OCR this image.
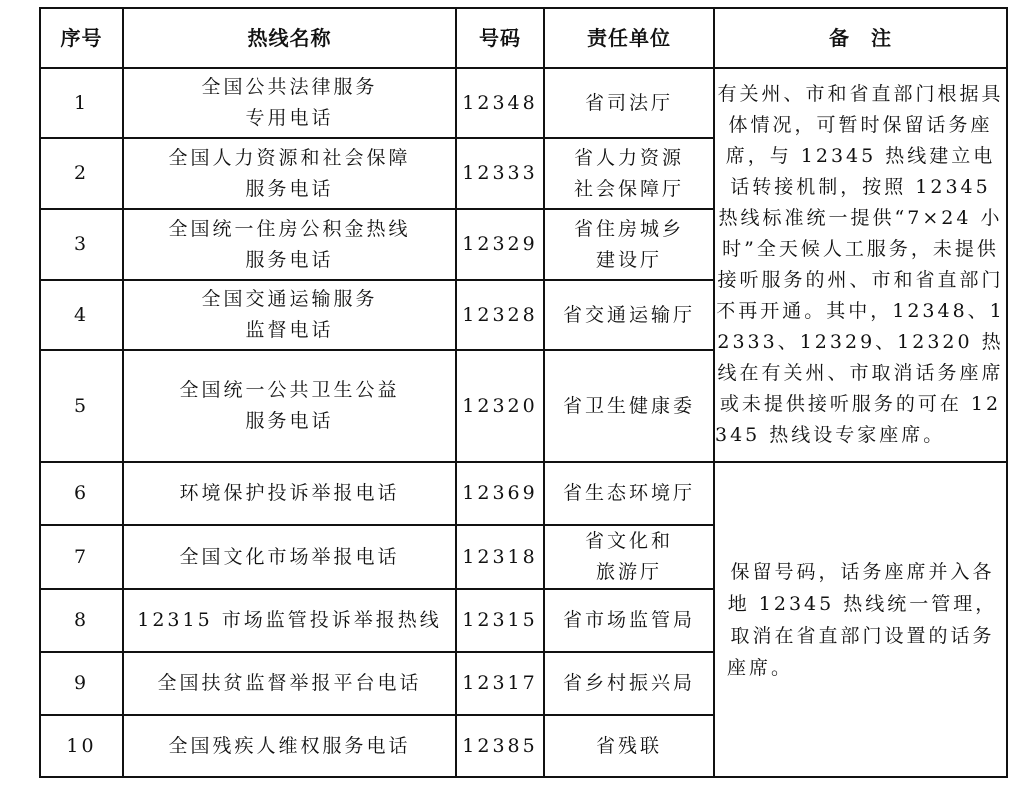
序号	热线名称	号码	责任单位	备　注
1	全国公共法律服务
专用电话	12348	省司法厅	有关州、市和省直部门根据具体情况，可暂时保留话务座席，与 12345 热线建立电话转接机制，按照 12345 热线标准统一提供“7×24 小时”全天候人工服务，未提供接听服务的州、市和省直部门不再开通。其中，12348、12333、12329、12320 热线在有关州、市取消话务座席或未提供接听服务的可在 12345 热线设专家座席。
2	全国人力资源和社会保障
服务电话	12333	省人力资源
社会保障厅	

3	全国统一住房公积金热线
服务电话	12329	省住房城乡
建设厅	

4	全国交通运输服务
监督电话	12328	省交通运输厅	

5	全国统一公共卫生公益
服务电话	12320	省卫生健康委	

6	环境保护投诉举报电话	12369	省生态环境厅	保留号码，话务座席并入各地 12345 热线统一管理，取消在省直部门设置的话务座席。
7	全国文化市场举报电话	12318	省文化和
旅游厅	

8	12315 市场监管投诉举报热线	12315	省市场监管局	

9	全国扶贫监督举报平台电话	12317	省乡村振兴局	

10	全国残疾人维权服务电话	12385	省残联	
